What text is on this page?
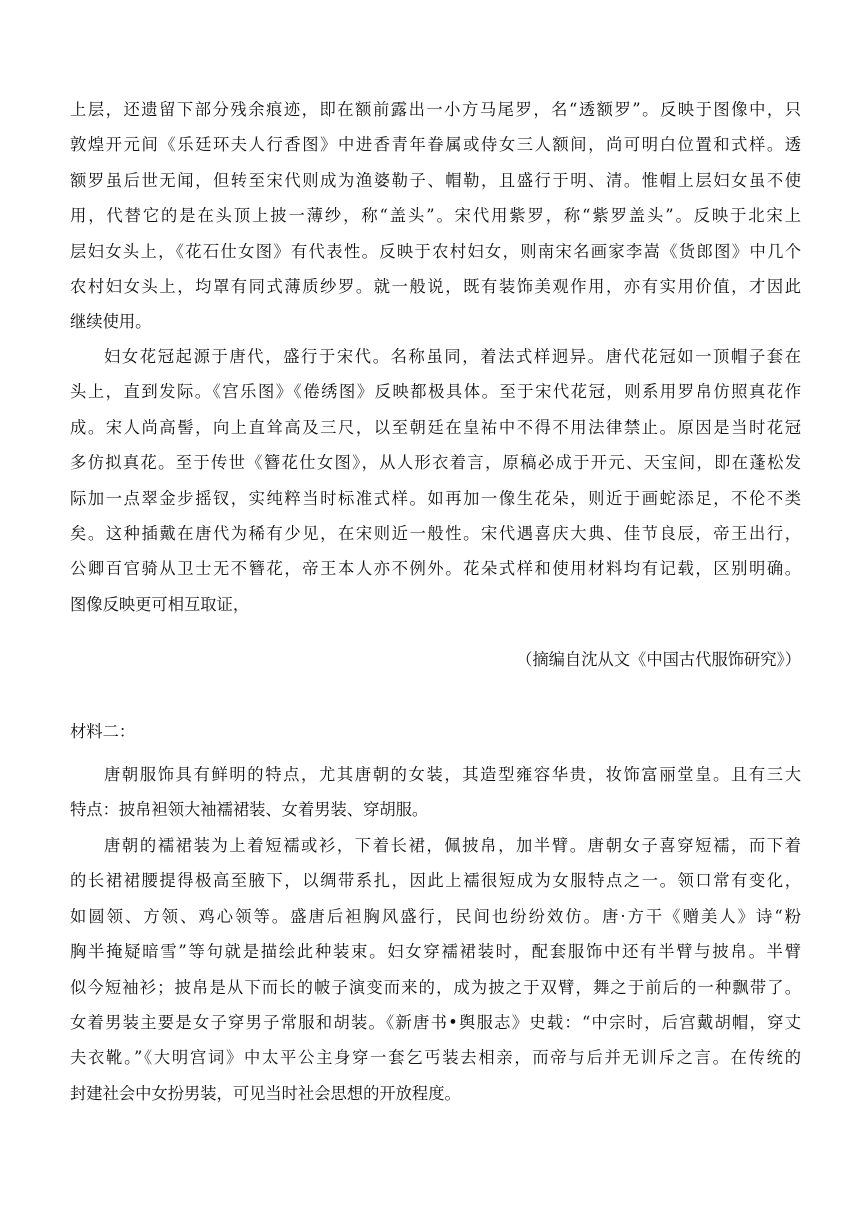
上层，还遗留下部分残余痕迹，即在额前露出一小方马尾罗，名“透额罗”。反映于图像中，只
敦煌开元间《乐廷环夫人行香图》中进香青年眷属或侍女三人额间，尚可明白位置和式样。透
额罗虽后世无闻，但转至宋代则成为渔婆勒子、帽勒，且盛行于明、清。惟帽上层妇女虽不使
用，代替它的是在头顶上披一薄纱，称“盖头”。宋代用紫罗，称“紫罗盖头”。反映于北宋上
层妇女头上，《花石仕女图》有代表性。反映于农村妇女，则南宋名画家李嵩《货郎图》中几个
农村妇女头上，均罩有同式薄质纱罗。就一般说，既有装饰美观作用，亦有实用价值，才因此
继续使用。
妇女花冠起源于唐代，盛行于宋代。名称虽同，着法式样迥异。唐代花冠如一顶帽子套在
头上，直到发际。《宫乐图》《倦绣图》反映都极具体。至于宋代花冠，则系用罗帛仿照真花作
成。宋人尚高髻，向上直耸高及三尺，以至朝廷在皇祐中不得不用法律禁止。原因是当时花冠
多仿拟真花。至于传世《簪花仕女图》，从人形衣着言，原稿必成于开元、天宝间，即在蓬松发
际加一点翠金步摇钗，实纯粹当时标准式样。如再加一像生花朵，则近于画蛇添足，不伦不类
矣。这种插戴在唐代为稀有少见，在宋则近一般性。宋代遇喜庆大典、佳节良辰，帝王出行，
公卿百官骑从卫士无不簪花，帝王本人亦不例外。花朵式样和使用材料均有记载，区别明确。
图像反映更可相互取证，
（摘编自沈从文《中国古代服饰研究》）
材料二：
唐朝服饰具有鲜明的特点，尤其唐朝的女装，其造型雍容华贵，妆饰富丽堂皇。且有三大
特点：披帛袒领大袖襦裙装、女着男装、穿胡服。
唐朝的襦裙装为上着短襦或衫，下着长裙，佩披帛，加半臂。唐朝女子喜穿短襦，而下着
的长裙裙腰提得极高至腋下，以绸带系扎，因此上襦很短成为女服特点之一。领口常有变化，
如圆领、方领、鸡心领等。盛唐后袒胸风盛行，民间也纷纷效仿。唐·方干《赠美人》诗“粉
胸半掩疑暗雪”等句就是描绘此种装束。妇女穿襦裙装时，配套服饰中还有半臂与披帛。半臂
似今短袖衫；披帛是从下而长的帔子演变而来的，成为披之于双臂，舞之于前后的一种飘带了。
女着男装主要是女子穿男子常服和胡装。《新唐书•舆服志》史载：“中宗时，后宫戴胡帽，穿丈
夫衣靴。”《大明宫词》中太平公主身穿一套乞丐装去相亲，而帝与后并无训斥之言。在传统的
封建社会中女扮男装，可见当时社会思想的开放程度。
